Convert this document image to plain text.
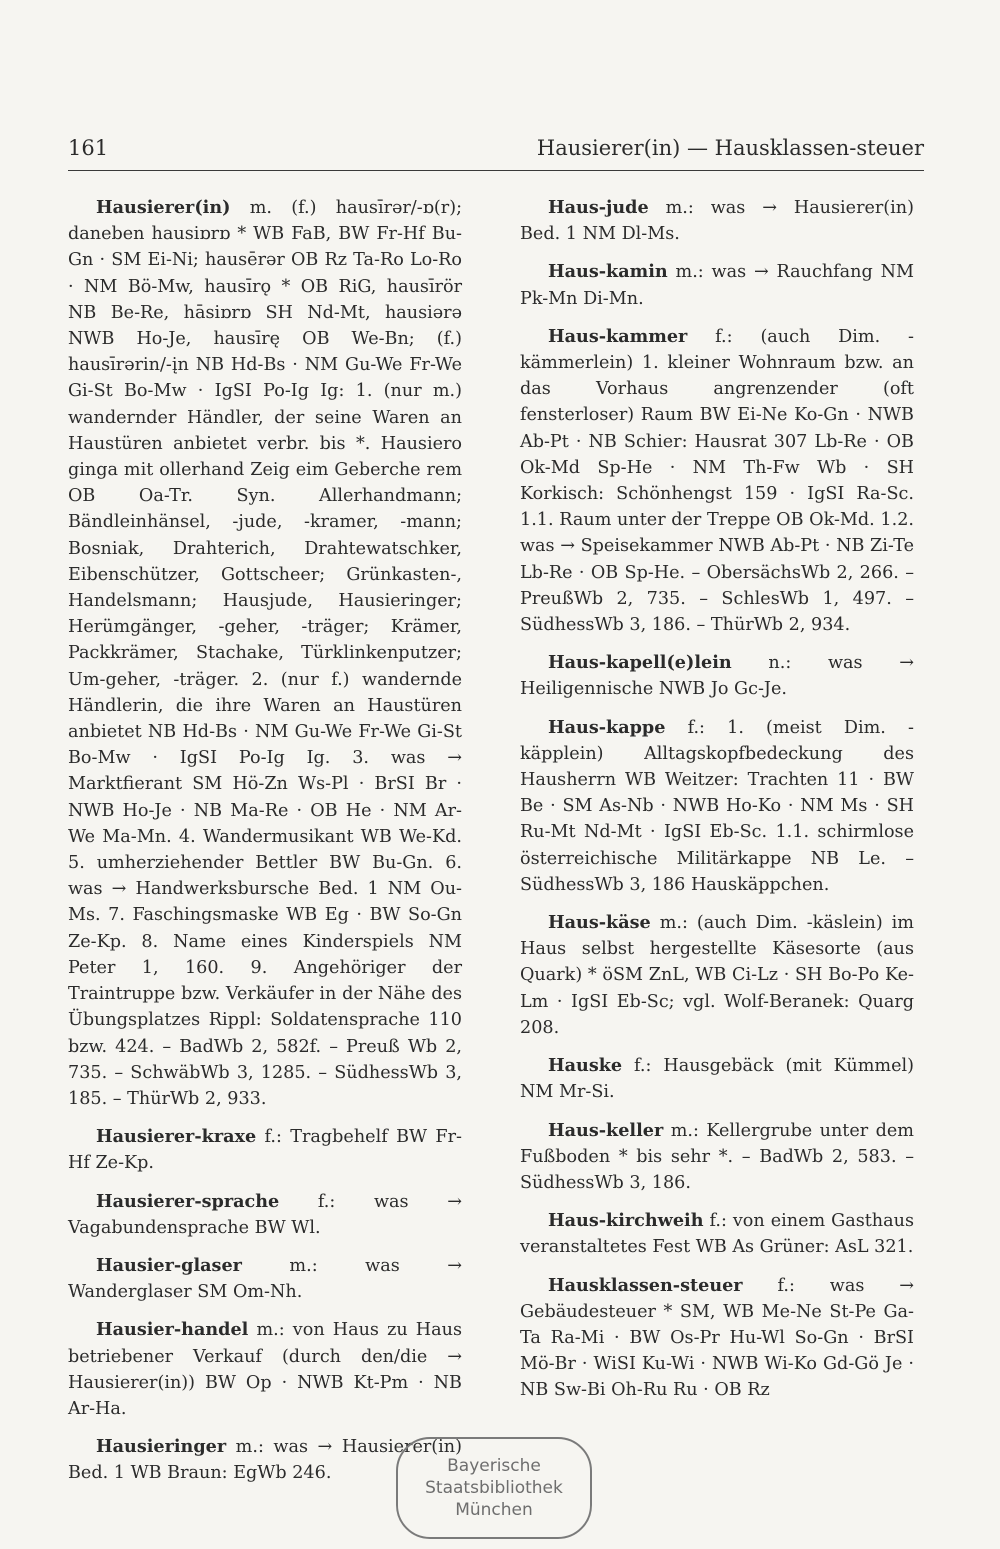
161	Hausierer(in) — Hausklassen-steuer

Hausierer(in) m. (f.) hausīrər/-ɒ(r); daneben hausiɒrɒ * WB FaB, BW Fr-Hf Bu-Gn · SM Ei-Ni; hausērər OB Rz Ta-Ro Lo-Ro · NM Bö-Mw, hausīrǫ * OB RiG, hausīrör NB Be-Re, hāsiɒrɒ SH Nd-Mt, hausiərə NWB Ho-Je, hausīrę OB We-Bn; (f.) hausīrərin/-įn NB Hd-Bs · NM Gu-We Fr-We Gi-St Bo-Mw · IgSI Po-Ig Ig: 1. (nur m.) wandernder Händler, der seine Waren an Haustüren anbietet verbr. bis *. Hausiero ginga mit ollerhand Zeig eim Geberche rem OB Oa-Tr. Syn. Allerhandmann; Bändleinhänsel, -jude, -kramer, -mann; Bosniak, Drahterich, Drahtewatschker, Eibenschützer, Gottscheer; Grünkasten-, Handelsmann; Hausjude, Hausieringer; Herümgänger, -geher, -träger; Krämer, Packkrämer, Stachake, Türklinkenputzer; Um-geher, -träger. 2. (nur f.) wandernde Händlerin, die ihre Waren an Haustüren anbietet NB Hd-Bs · NM Gu-We Fr-We Gi-St Bo-Mw · IgSI Po-Ig Ig. 3. was → Marktfierant SM Hö-Zn Ws-Pl · BrSI Br · NWB Ho-Je · NB Ma-Re · OB He · NM Ar-We Ma-Mn. 4. Wandermusikant WB We-Kd. 5. umherziehender Bettler BW Bu-Gn. 6. was → Handwerksbursche Bed. 1 NM Ou-Ms. 7. Faschingsmaske WB Eg · BW So-Gn Ze-Kp. 8. Name eines Kinderspiels NM Peter 1, 160. 9. Angehöriger der Traintruppe bzw. Verkäufer in der Nähe des Übungsplatzes Rippl: Soldatensprache 110 bzw. 424. – BadWb 2, 582f. – Preuß Wb 2, 735. – SchwäbWb 3, 1285. – SüdhessWb 3, 185. – ThürWb 2, 933.

Hausierer-kraxe f.: Tragbehelf BW Fr-Hf Ze-Kp.

Hausierer-sprache f.: was → Vagabundensprache BW Wl.

Hausier-glaser m.: was → Wanderglaser SM Om-Nh.

Hausier-handel m.: von Haus zu Haus betriebener Verkauf (durch den/die → Hausierer(in)) BW Op · NWB Kt-Pm · NB Ar-Ha.

Hausieringer m.: was → Hausierer(in) Bed. 1 WB Braun: EgWb 246.

Haus-jude m.: was → Hausierer(in) Bed. 1 NM Dl-Ms.

Haus-kamin m.: was → Rauchfang NM Pk-Mn Di-Mn.

Haus-kammer f.: (auch Dim. -kämmerlein) 1. kleiner Wohnraum bzw. an das Vorhaus angrenzender (oft fensterloser) Raum BW Ei-Ne Ko-Gn · NWB Ab-Pt · NB Schier: Hausrat 307 Lb-Re · OB Ok-Md Sp-He · NM Th-Fw Wb · SH Korkisch: Schönhengst 159 · IgSI Ra-Sc. 1.1. Raum unter der Treppe OB Ok-Md. 1.2. was → Speisekammer NWB Ab-Pt · NB Zi-Te Lb-Re · OB Sp-He. – ObersächsWb 2, 266. – PreußWb 2, 735. – SchlesWb 1, 497. – SüdhessWb 3, 186. – ThürWb 2, 934.

Haus-kapell(e)lein n.: was → Heiligennische NWB Jo Gc-Je.

Haus-kappe f.: 1. (meist Dim. -käpplein) Alltagskopfbedeckung des Hausherrn WB Weitzer: Trachten 11 · BW Be · SM As-Nb · NWB Ho-Ko · NM Ms · SH Ru-Mt Nd-Mt · IgSI Eb-Sc. 1.1. schirmlose österreichische Militärkappe NB Le. – SüdhessWb 3, 186 Hauskäppchen.

Haus-käse m.: (auch Dim. -käslein) im Haus selbst hergestellte Käsesorte (aus Quark) * öSM ZnL, WB Ci-Lz · SH Bo-Po Ke-Lm · IgSI Eb-Sc; vgl. Wolf-Beranek: Quarg 208.

Hauske f.: Hausgebäck (mit Kümmel) NM Mr-Si.

Haus-keller m.: Kellergrube unter dem Fußboden * bis sehr *. – BadWb 2, 583. – SüdhessWb 3, 186.

Haus-kirchweih f.: von einem Gasthaus veranstaltetes Fest WB As Grüner: AsL 321.

Hausklassen-steuer f.: was → Gebäudesteuer * SM, WB Me-Ne St-Pe Ga-Ta Ra-Mi · BW Os-Pr Hu-Wl So-Gn · BrSI Mö-Br · WiSI Ku-Wi · NWB Wi-Ko Gd-Gö Je · NB Sw-Bi Oh-Ru Ru · OB Rz

Bayerische
Staatsbibliothek
München
